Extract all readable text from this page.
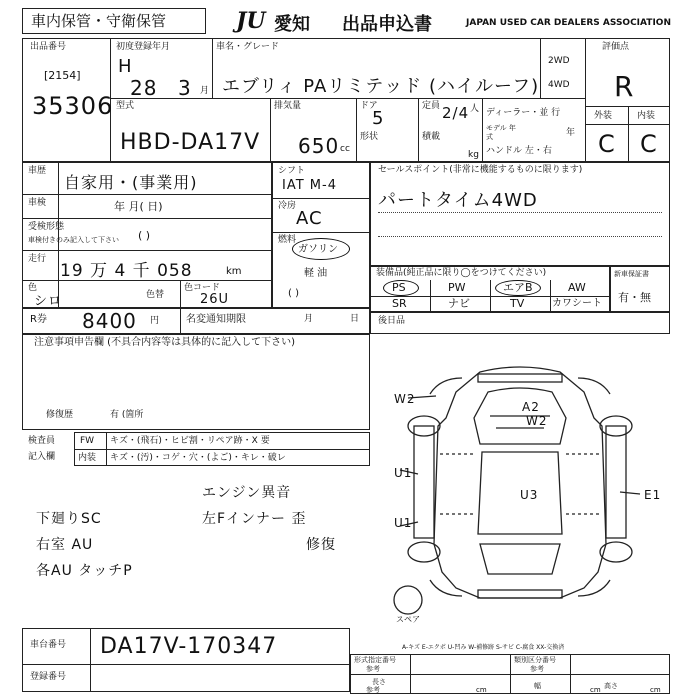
車内保管・守衛保管	JU 愛知 出品申込書	JAPAN USED CAR DEALERS ASSOCIATION
出品番号
[2154]
35306
初度登録年月
H
28 3 月
車名・グレード
エブリィ PAリミテッド (ハイルーフ)
2WD
4WD
評価点
R
外装	内装
C C
型式
HBD-DA17V
排気量
650 cc
ドア
5
形状
定員 2/4 人
積載
kg
ディーラー・並 行
モデル 年式	年
ハンドル 左・右
車歴
自家用・(事業用)
車検	年 月( 日)
受検形態
車検付きのみ記入して下さい ( )
走行
19 万 4 千 058	km
色
シロ	色替
色コード
26U
シフト
IAT M-4
冷房
AC
燃料
ガソリン
軽 油
( )
セールスポイント(非常に機能するものに限ります)
パートタイム4WD
装備品(純正品に限り◯をつけてください)
PS	PW	エアB	AW
SR	ナビ	TV	カワシート
新車保証書
有・無
R券 8400 円	名変通知期限	月	日
注意事項申告欄 (不具合内容等は具体的に記入して下さい)
修復歴	有 (箇所
後日品
検査員
記入欄
FW キズ・(飛石)・ヒビ割・リペア跡・X 要
内装 キズ・(汚)・コゲ・穴・(よご)・キレ・破レ
エンジン異音
下廻りSC	左Fインナー 歪
右室 AU	修復
各AU タッチP
W2
A2
W2
U1
U3
U1
E1
スペア
A-キズ E-エクボ U-凹み W-補修跡 S-サビ C-腐食 XX-交換済
車台番号 DA17V-170347
登録番号
形式指定番号
参考
類別区分番号
参考
長さ
参考	cm	幅	cm 高さ	cm
